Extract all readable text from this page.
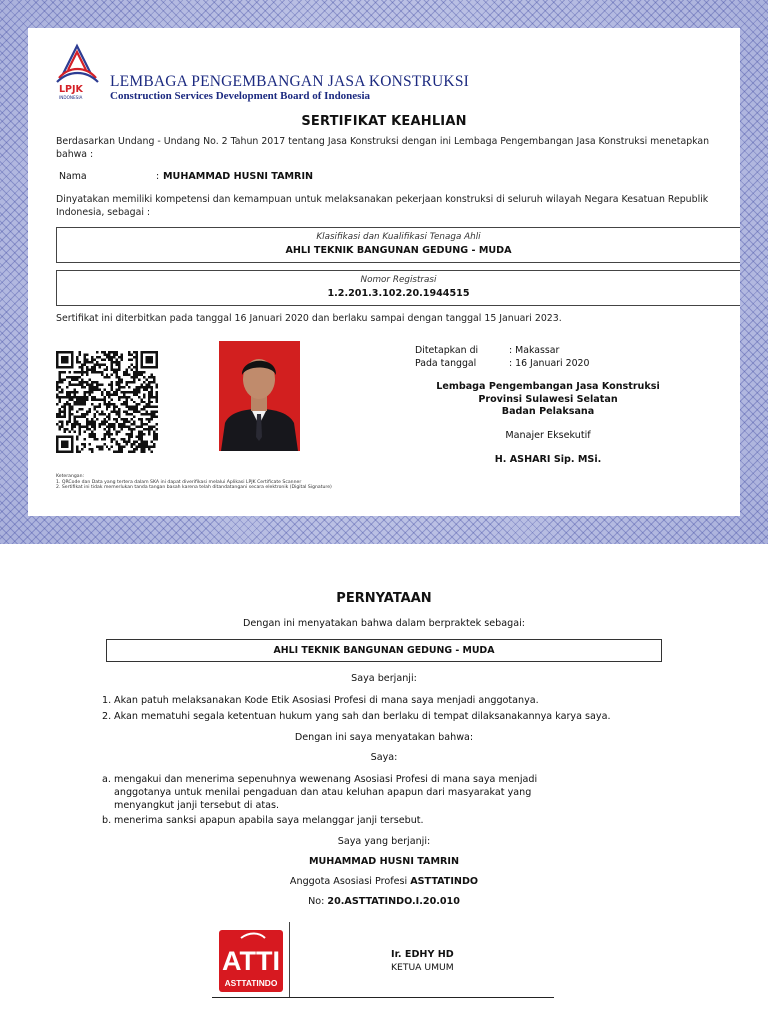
LPJK
INDONESIA
LEMBAGA PENGEMBANGAN JASA KONSTRUKSI
Construction Services Development Board of Indonesia
SERTIFIKAT KEAHLIAN
Berdasarkan Undang - Undang No. 2 Tahun 2017 tentang Jasa Konstruksi dengan ini Lembaga Pengembangan Jasa Konstruksi menetapkan bahwa :
Nama	: MUHAMMAD HUSNI TAMRIN
Dinyatakan memiliki kompetensi dan kemampuan untuk melaksanakan pekerjaan konstruksi di seluruh wilayah Negara Kesatuan Republik Indonesia, sebagai :
Klasifikasi dan Kualifikasi Tenaga Ahli
AHLI TEKNIK BANGUNAN GEDUNG - MUDA
Nomor Registrasi
1.2.201.3.102.20.1944515
Sertifikat ini diterbitkan pada tanggal 16 Januari 2020 dan berlaku sampai dengan tanggal 15 Januari 2023.
Ditetapkan di	: Makassar
Pada tanggal	: 16 Januari 2020
Lembaga Pengembangan Jasa Konstruksi
Provinsi Sulawesi Selatan
Badan Pelaksana
Manajer Eksekutif
H. ASHARI Sip. MSi.
Keterangan:
1. QRCode dan Data yang tertera dalam SKA ini dapat diverifikasi melalui Aplikasi LPJK Certificate Scanner
2. Sertifikat ini tidak memerlukan tanda tangan basah karena telah ditandatangani secara elektronik (Digital Signature)
PERNYATAAN
Dengan ini menyatakan bahwa dalam berpraktek sebagai:
AHLI TEKNIK BANGUNAN GEDUNG - MUDA
Saya berjanji:
1. Akan patuh melaksanakan Kode Etik Asosiasi Profesi di mana saya menjadi anggotanya.
2. Akan mematuhi segala ketentuan hukum yang sah dan berlaku di tempat dilaksanakannya karya saya.
Dengan ini saya menyatakan bahwa:
Saya:
a. mengakui dan menerima sepenuhnya wewenang Asosiasi Profesi di mana saya menjadi anggotanya untuk menilai pengaduan dan atau keluhan apapun dari masyarakat yang menyangkut janji tersebut di atas.
b. menerima sanksi apapun apabila saya melanggar janji tersebut.
Saya yang berjanji:
MUHAMMAD HUSNI TAMRIN
Anggota Asosiasi Profesi ASTTATINDO
No: 20.ASTTATINDO.I.20.010
ATTI
ASTTATINDO
Ir. EDHY HD
KETUA UMUM
